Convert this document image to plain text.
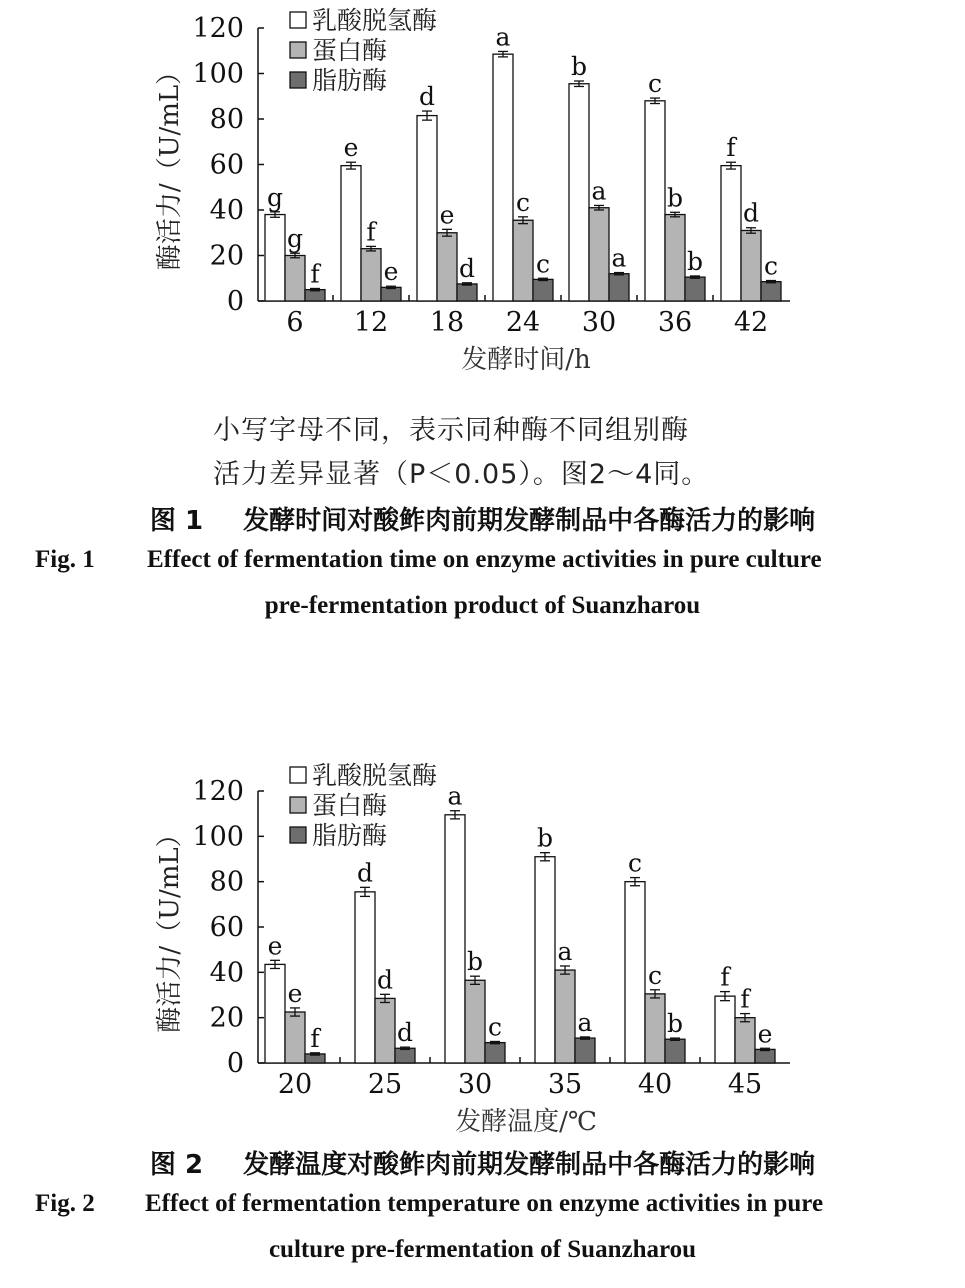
0
20
40
60
80
100
120
g
g
f
6
e
f
e
12
d
e
d
18
a
c
c
24
b
a
a
30
c
b
b
36
f
d
c
42
发酵时间/h
酶活力/（U/mL）
乳酸脱氢酶
蛋白酶
脂肪酶
小写字母不同，表示同种酶不同组别酶
活力差异显著（P＜0.05）。图2～4同。
图 1 发酵时间对酸鲊肉前期发酵制品中各酶活力的影响
Fig. 1 Effect of fermentation time on enzyme activities in pure culture
pre-fermentation product of Suanzharou
0
20
40
60
80
100
120
e
e
f
20
d
d
d
25
a
b
c
30
b
a
a
35
c
c
b
40
f
f
e
45
发酵温度/℃
酶活力/（U/mL）
乳酸脱氢酶
蛋白酶
脂肪酶
图 2 发酵温度对酸鲊肉前期发酵制品中各酶活力的影响
Fig. 2 Effect of fermentation temperature on enzyme activities in pure
culture pre-fermentation of Suanzharou
